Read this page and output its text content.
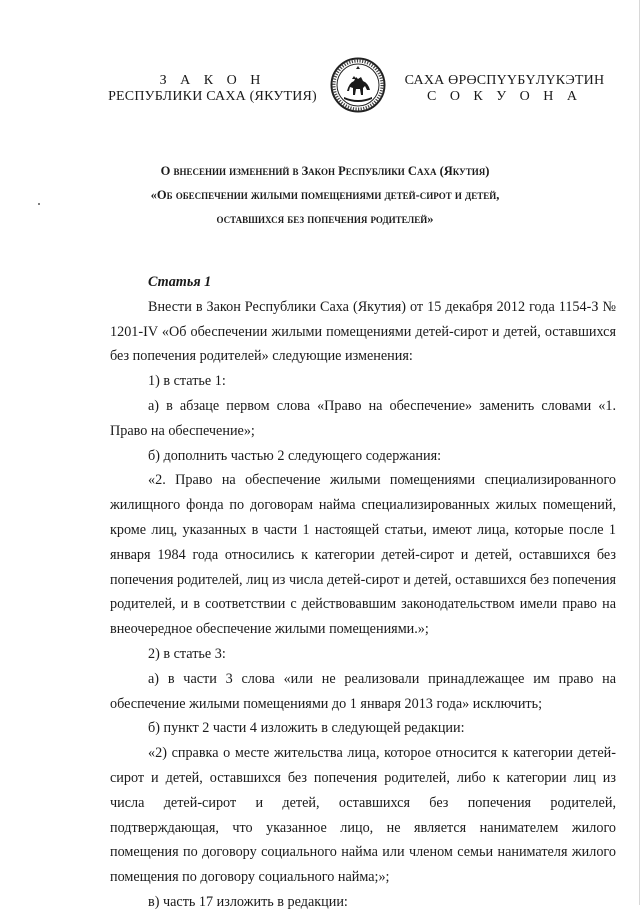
З А К О Н
РЕСПУБЛИКИ САХА (ЯКУТИЯ)
САХА ӨРӨСПҮҮБҮЛҮКЭТИН
С О К У О Н А
О внесении изменений в Закон Республики Саха (Якутия)
«Об обеспечении жилыми помещениями детей-сирот и детей,
оставшихся без попечения родителей»

Статья 1

Внести в Закон Республики Саха (Якутия) от 15 декабря 2012 года 1154-З № 1201-IV «Об обеспечении жилыми помещениями детей-сирот и детей, оставшихся без попечения родителей» следующие изменения:

1) в статье 1:

а) в абзаце первом слова «Право на обеспечение» заменить словами «1. Право на обеспечение»;

б) дополнить частью 2 следующего содержания:

«2. Право на обеспечение жилыми помещениями специализированного жилищного фонда по договорам найма специализированных жилых помещений, кроме лиц, указанных в части 1 настоящей статьи, имеют лица, которые после 1 января 1984 года относились к категории детей-сирот и детей, оставшихся без попечения родителей, лиц из числа детей-сирот и детей, оставшихся без попечения родителей, и в соответствии с действовавшим законодательством имели право на внеочередное обеспечение жилыми помещениями.»;

2) в статье 3:

а) в части 3 слова «или не реализовали принадлежащее им право на обеспечение жилыми помещениями до 1 января 2013 года» исключить;

б) пункт 2 части 4 изложить в следующей редакции:

«2) справка о месте жительства лица, которое относится к категории детей-сирот и детей, оставшихся без попечения родителей, либо к категории лиц из числа детей-сирот и детей, оставшихся без попечения родителей, подтверждающая, что указанное лицо, не является нанимателем жилого помещения по договору социального найма или членом семьи нанимателя жилого помещения по договору социального найма;»;

в) часть 17 изложить в редакции:
